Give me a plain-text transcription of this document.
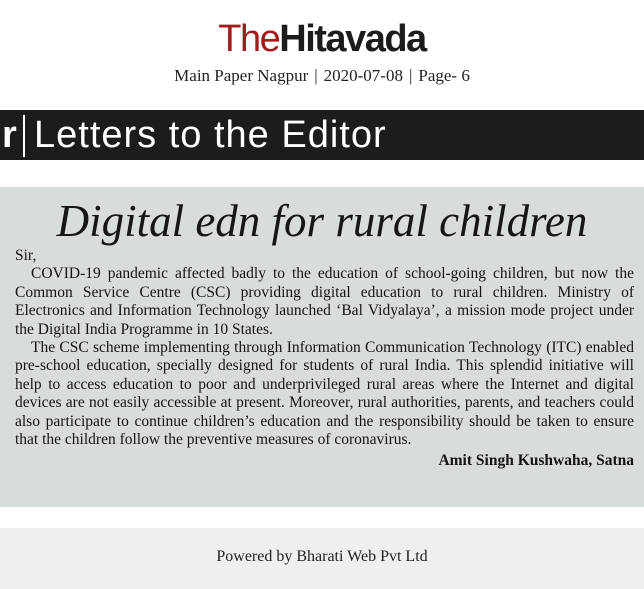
TheHitavada
Main Paper Nagpur | 2020-07-08 | Page- 6
r Letters to the Editor
Digital edn for rural children

Sir,

COVID-19 pandemic affected badly to the education of school-going children, but now the Common Service Centre (CSC) providing digital education to rural children. Ministry of Electronics and Information Technology launched ‘Bal Vidyalaya’, a mission mode project under the Digital India Programme in 10 States.

The CSC scheme implementing through Information Communication Technology (ITC) enabled pre-school education, specially designed for students of rural India. This splendid initiative will help to access education to poor and underprivileged rural areas where the Internet and digital devices are not easily accessible at present. Moreover, rural authorities, parents, and teachers could also participate to continue children’s education and the responsibility should be taken to ensure that the children follow the preventive measures of coronavirus.

Amit Singh Kushwaha, Satna

Powered by Bharati Web Pvt Ltd
